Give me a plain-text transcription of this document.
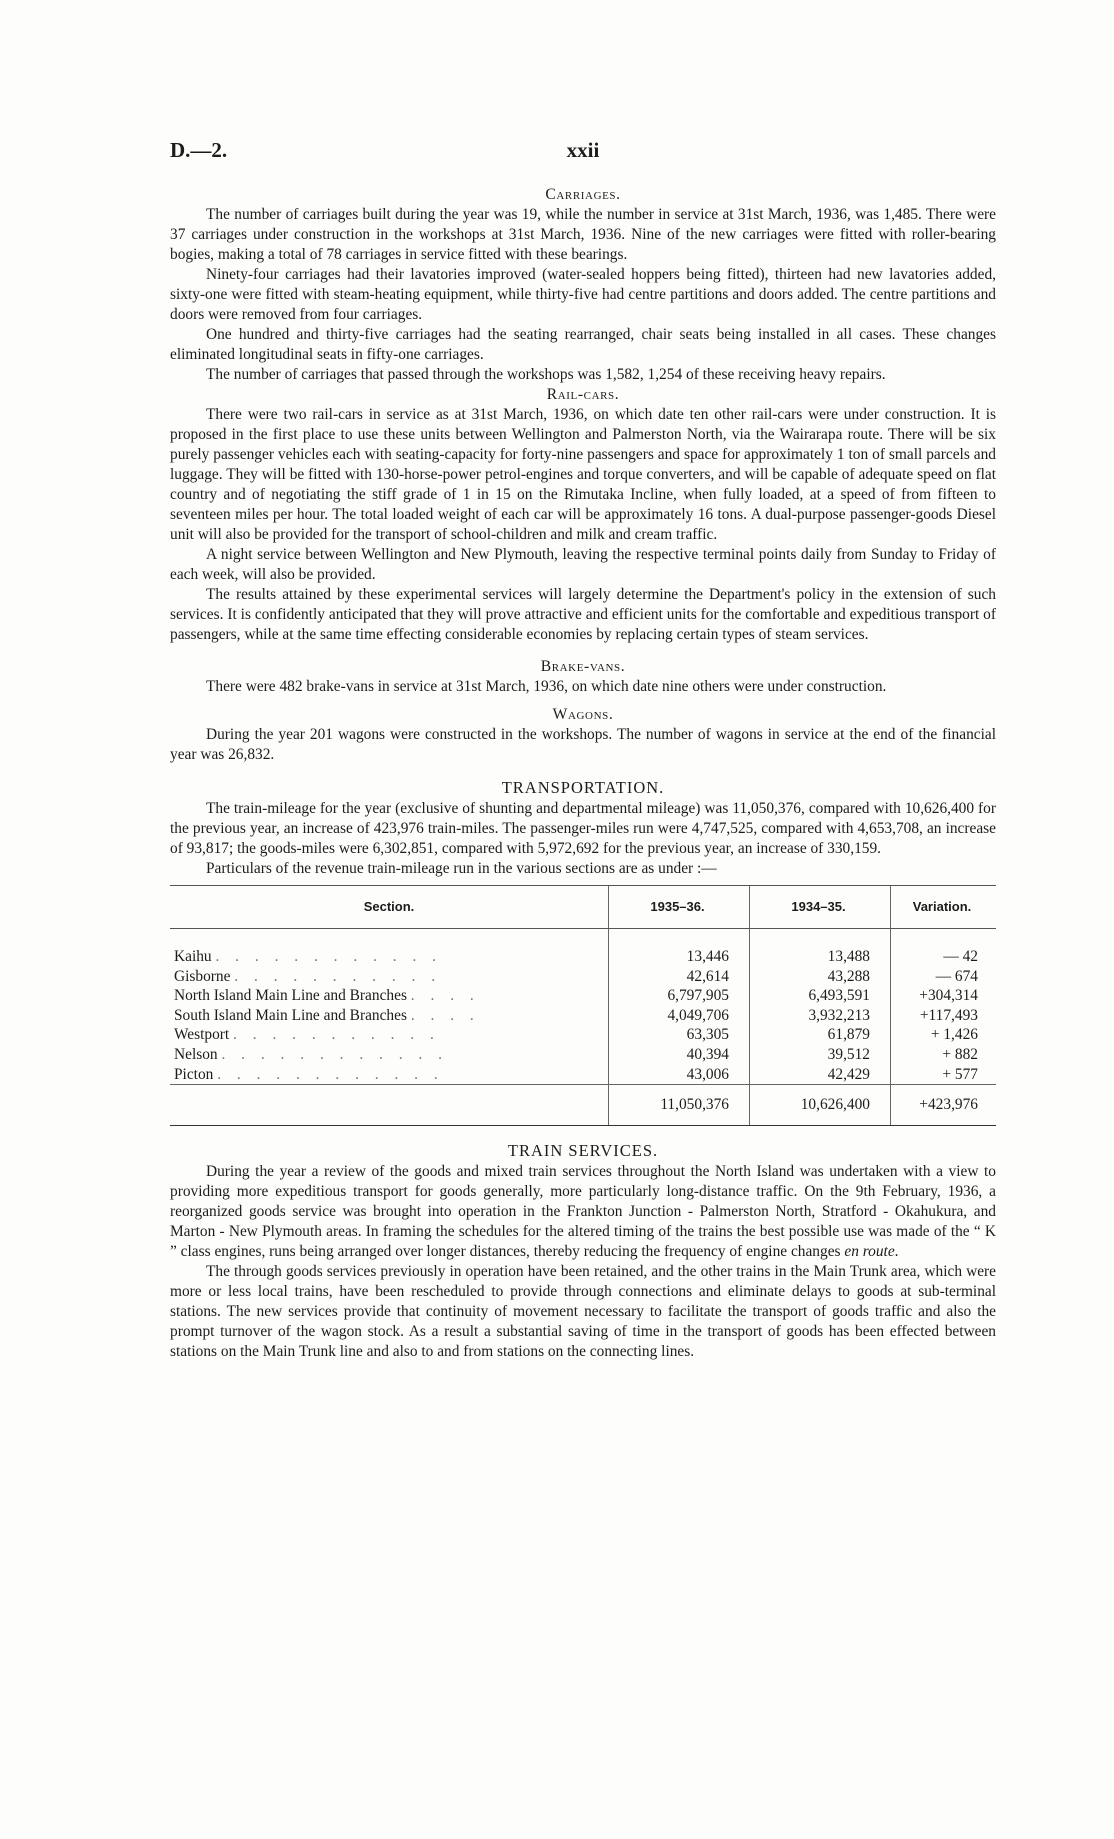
D.—2.	xxii
Carriages.

The number of carriages built during the year was 19, while the number in service at 31st March, 1936, was 1,485. There were 37 carriages under construction in the workshops at 31st March, 1936. Nine of the new carriages were fitted with roller-bearing bogies, making a total of 78 carriages in service fitted with these bearings.

Ninety-four carriages had their lavatories improved (water-sealed hoppers being fitted), thirteen had new lavatories added, sixty-one were fitted with steam-heating equipment, while thirty-five had centre partitions and doors added. The centre partitions and doors were removed from four carriages.

One hundred and thirty-five carriages had the seating rearranged, chair seats being installed in all cases. These changes eliminated longitudinal seats in fifty-one carriages.

The number of carriages that passed through the workshops was 1,582, 1,254 of these receiving heavy repairs.

Rail-cars.

There were two rail-cars in service as at 31st March, 1936, on which date ten other rail-cars were under construction. It is proposed in the first place to use these units between Wellington and Palmerston North, via the Wairarapa route. There will be six purely passenger vehicles each with seating-capacity for forty-nine passengers and space for approximately 1 ton of small parcels and luggage. They will be fitted with 130-horse-power petrol-engines and torque converters, and will be capable of adequate speed on flat country and of negotiating the stiff grade of 1 in 15 on the Rimutaka Incline, when fully loaded, at a speed of from fifteen to seventeen miles per hour. The total loaded weight of each car will be approximately 16 tons. A dual-purpose passenger-goods Diesel unit will also be provided for the transport of school-children and milk and cream traffic.

A night service between Wellington and New Plymouth, leaving the respective terminal points daily from Sunday to Friday of each week, will also be provided.

The results attained by these experimental services will largely determine the Department's policy in the extension of such services. It is confidently anticipated that they will prove attractive and efficient units for the comfortable and expeditious transport of passengers, while at the same time effecting considerable economies by replacing certain types of steam services.

Brake-vans.

There were 482 brake-vans in service at 31st March, 1936, on which date nine others were under construction.

Wagons.

During the year 201 wagons were constructed in the workshops. The number of wagons in service at the end of the financial year was 26,832.

TRANSPORTATION.

The train-mileage for the year (exclusive of shunting and departmental mileage) was 11,050,376, compared with 10,626,400 for the previous year, an increase of 423,976 train-miles. The passenger-miles run were 4,747,525, compared with 4,653,708, an increase of 93,817; the goods-miles were 6,302,851, compared with 5,972,692 for the previous year, an increase of 330,159.

Particulars of the revenue train-mileage run in the various sections are as under :—

Section.	1935–36.	1934–35.	Variation.

Kaihu . . . . . . . . . . . .	13,446	13,488	— 42
Gisborne . . . . . . . . . . .	42,614	43,288	— 674
North Island Main Line and Branches . . . .	6,797,905	6,493,591	+304,314
South Island Main Line and Branches . . . .	4,049,706	3,932,213	+117,493
Westport . . . . . . . . . . .	63,305	61,879	+ 1,426
Nelson . . . . . . . . . . . .	40,394	39,512	+ 882
Picton . . . . . . . . . . . .	43,006	42,429	+ 577
	11,050,376	10,626,400	+423,976
TRAIN SERVICES.

During the year a review of the goods and mixed train services throughout the North Island was undertaken with a view to providing more expeditious transport for goods generally, more particularly long-distance traffic. On the 9th February, 1936, a reorganized goods service was brought into operation in the Frankton Junction - Palmerston North, Stratford - Okahukura, and Marton - New Plymouth areas. In framing the schedules for the altered timing of the trains the best possible use was made of the “ K ” class engines, runs being arranged over longer distances, thereby reducing the frequency of engine changes en route.

The through goods services previously in operation have been retained, and the other trains in the Main Trunk area, which were more or less local trains, have been rescheduled to provide through connections and eliminate delays to goods at sub-terminal stations. The new services provide that continuity of movement necessary to facilitate the transport of goods traffic and also the prompt turnover of the wagon stock. As a result a substantial saving of time in the transport of goods has been effected between stations on the Main Trunk line and also to and from stations on the connecting lines.
